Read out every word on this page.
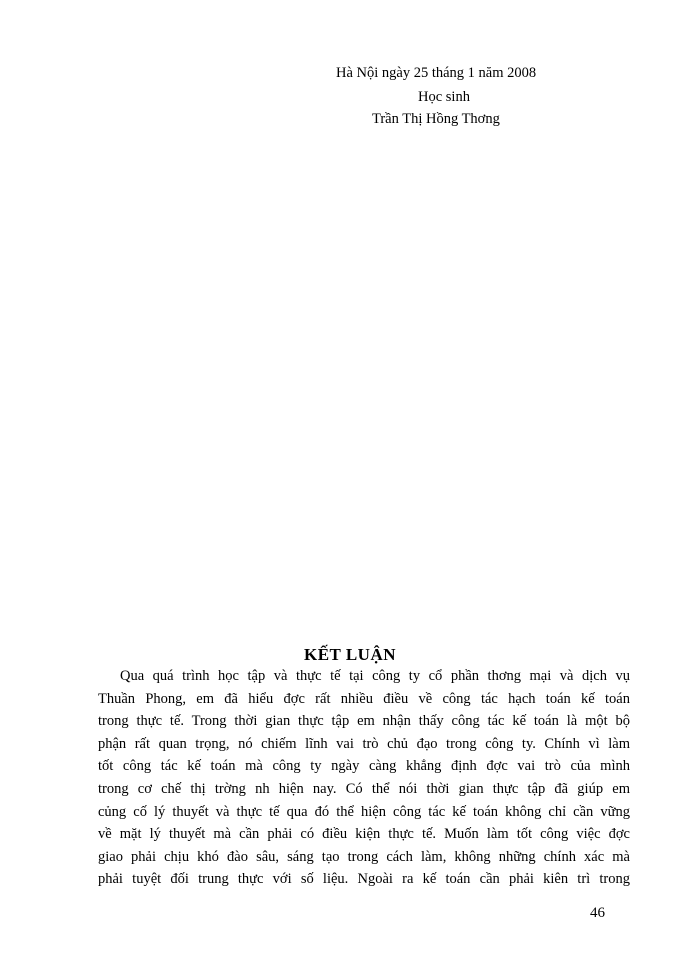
Hà Nội ngày 25 tháng 1 năm 2008
Học sinh
Trần Thị Hồng Thơng
KẾT LUẬN
Qua quá trình học tập và thực tế tại công ty cổ phần thơng mại và dịch vụ
Thuần Phong, em đã hiểu đợc rất nhiều điều về công tác hạch toán kế toán
trong thực tế. Trong thời gian thực tập em nhận thấy công tác kế toán là một bộ
phận rất quan trọng, nó chiếm lĩnh vai trò chủ đạo trong công ty. Chính vì làm
tốt công tác kế toán mà công ty ngày càng khẳng định đợc vai trò của mình
trong cơ chế thị trờng nh hiện nay. Có thể nói thời gian thực tập đã giúp em
củng cố lý thuyết và thực tế qua đó thể hiện công tác kế toán không chỉ cần vững
về mặt lý thuyết mà cần phải có điều kiện thực tế. Muốn làm tốt công việc đợc
giao phải chịu khó đào sâu, sáng tạo trong cách làm, không những chính xác mà
phải tuyệt đối trung thực với số liệu. Ngoài ra kế toán cần phải kiên trì trong
46
